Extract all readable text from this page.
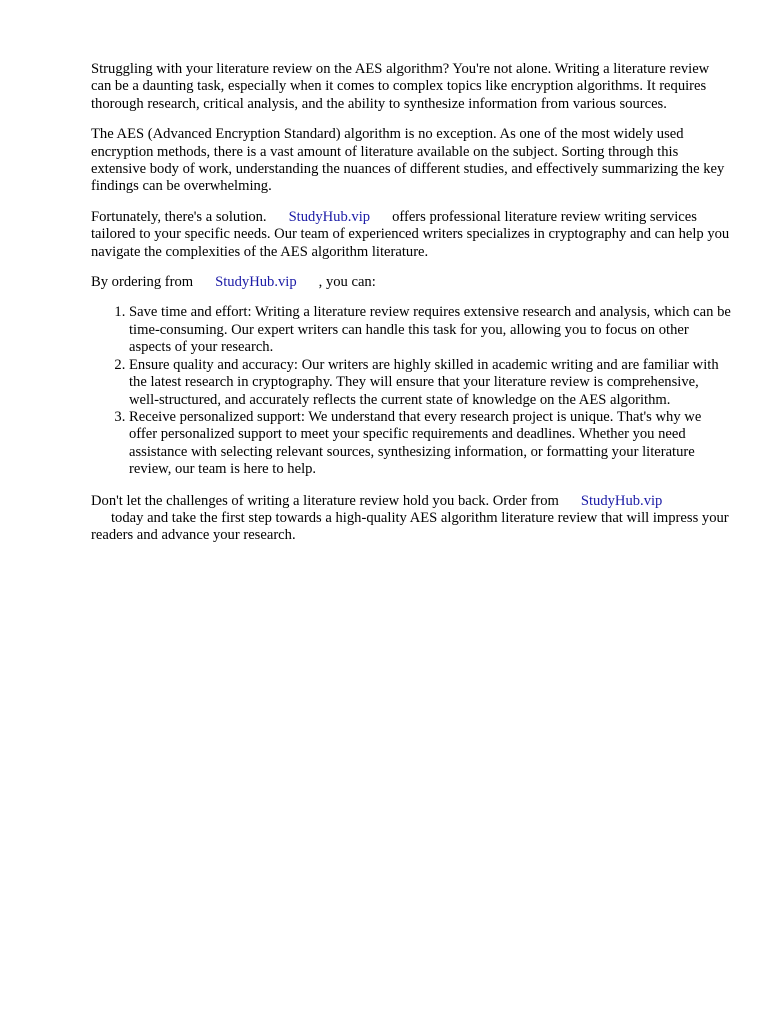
Struggling with your literature review on the AES algorithm? You're not alone. Writing a literature review can be a daunting task, especially when it comes to complex topics like encryption algorithms. It requires thorough research, critical analysis, and the ability to synthesize information from various sources.

The AES (Advanced Encryption Standard) algorithm is no exception. As one of the most widely used encryption methods, there is a vast amount of literature available on the subject. Sorting through this extensive body of work, understanding the nuances of different studies, and effectively summarizing the key findings can be overwhelming.

Fortunately, there's a solution. StudyHub.vip offers professional literature review writing services tailored to your specific needs. Our team of experienced writers specializes in cryptography and can help you navigate the complexities of the AES algorithm literature.

By ordering from StudyHub.vip , you can:

1. Save time and effort: Writing a literature review requires extensive research and analysis, which can be time-consuming. Our expert writers can handle this task for you, allowing you to focus on other aspects of your research.
2. Ensure quality and accuracy: Our writers are highly skilled in academic writing and are familiar with the latest research in cryptography. They will ensure that your literature review is comprehensive, well-structured, and accurately reflects the current state of knowledge on the AES algorithm.
3. Receive personalized support: We understand that every research project is unique. That's why we offer personalized support to meet your specific requirements and deadlines. Whether you need assistance with selecting relevant sources, synthesizing information, or formatting your literature review, our team is here to help.

Don't let the challenges of writing a literature review hold you back. Order from StudyHub.vip
today and take the first step towards a high-quality AES algorithm literature review that will impress your readers and advance your research.
